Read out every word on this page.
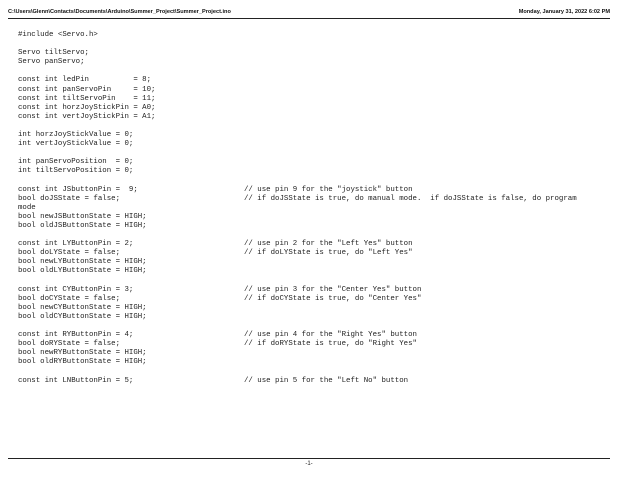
C:\Users\Glenn\Contacts\Documents\Arduino\Summer_Project\Summer_Project.ino	Monday, January 31, 2022 6:02 PM
#include <Servo.h>
Servo tiltServo;
Servo panServo;
const int ledPin          = 8;
const int panServoPin     = 10;
const int tiltServoPin    = 11;
const int horzJoyStickPin = A0;
const int vertJoyStickPin = A1;
int horzJoyStickValue = 0;
int vertJoyStickValue = 0;
int panServoPosition  = 0;
int tiltServoPosition = 0;
const int JSbuttonPin =  9;	// use pin 9 for the "joystick" button
bool doJSState = false;	// if doJSState is true, do manual mode.  if doJSState is false, do program
mode
bool newJSButtonState = HIGH;
bool oldJSButtonState = HIGH;
const int LYButtonPin = 2;	// use pin 2 for the "Left Yes" button
bool doLYState = false;	// if doLYState is true, do "Left Yes"
bool newLYButtonState = HIGH;
bool oldLYButtonState = HIGH;
const int CYButtonPin = 3;	// use pin 3 for the "Center Yes" button
bool doCYState = false;	// if doCYState is true, do "Center Yes"
bool newCYButtonState = HIGH;
bool oldCYButtonState = HIGH;
const int RYButtonPin = 4;	// use pin 4 for the "Right Yes" button
bool doRYState = false;	// if doRYState is true, do "Right Yes"
bool newRYButtonState = HIGH;
bool oldRYButtonState = HIGH;
const int LNButtonPin = 5;	// use pin 5 for the "Left No" button
-1-
